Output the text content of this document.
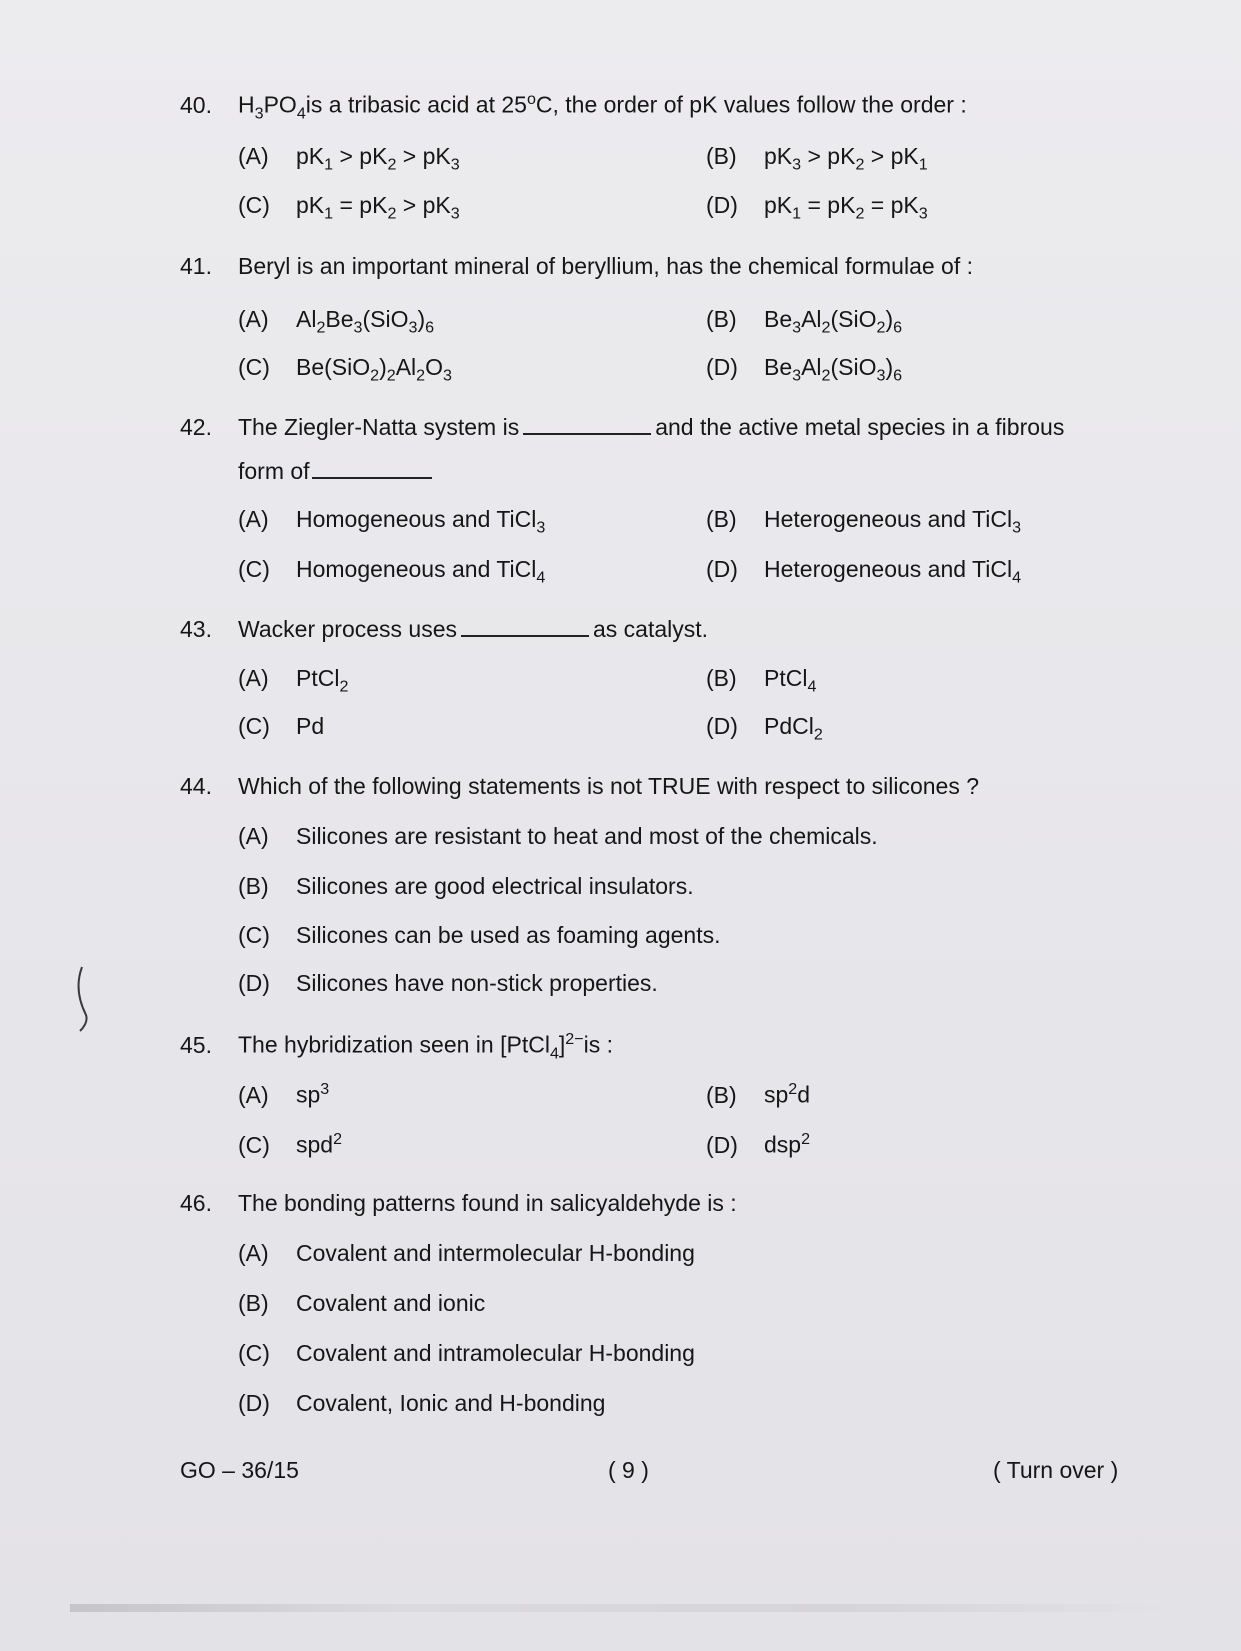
40. $H_3PO_4is$ a tribasic acid at 25$^o$C, the order of pK values follow the order :
(A) $pK_1 > pK_2 > pK_3$	(B) $pK_3 > pK_2 > pK_1$
(C) $pK_1 = pK_2 > pK_3$	(D) $pK_1 = pK_2 = pK_3$
41. Beryl is an important mineral of beryllium, has the chemical formulae of :
(A) $Al_2Be_3(SiO_3)_6$	(B) $Be_3Al_2(SiO_2)_6$
(C) $Be(SiO_2)_2Al_2O_3$	(D) $Be_3Al_2(SiO_3)_6$
42. The Ziegler-Natta system is	and the active metal species in a fibrous
form of
(A) Homogeneous and TiCl$_3$	(B) Heterogeneous and TiCl$_3$
(C) Homogeneous and TiCl$_4$	(D) Heterogeneous and TiCl$_4$
43. Wacker process uses	as catalyst.
(A) PtCl$_2$	(B) PtCl$_4$
(C) Pd	(D) PdCl$_2$
44. Which of the following statements is not TRUE with respect to silicones ?
(A) Silicones are resistant to heat and most of the chemicals.
(B) Silicones are good electrical insulators.
(C) Silicones can be used as foaming agents.
(D) Silicones have non-stick properties.
45. The hybridization seen in [PtCl$_4$]$^{2-}$is :
(A) $sp^3$	(B) $sp^2d$
(C) spd$^2$	(D) dsp$^2$
46. The bonding patterns found in salicyaldehyde is :
(A) Covalent and intermolecular H-bonding
(B) Covalent and ionic
(C) Covalent and intramolecular H-bonding
(D) Covalent, Ionic and H-bonding
GO – 36/15	( 9 )	( Turn over )
